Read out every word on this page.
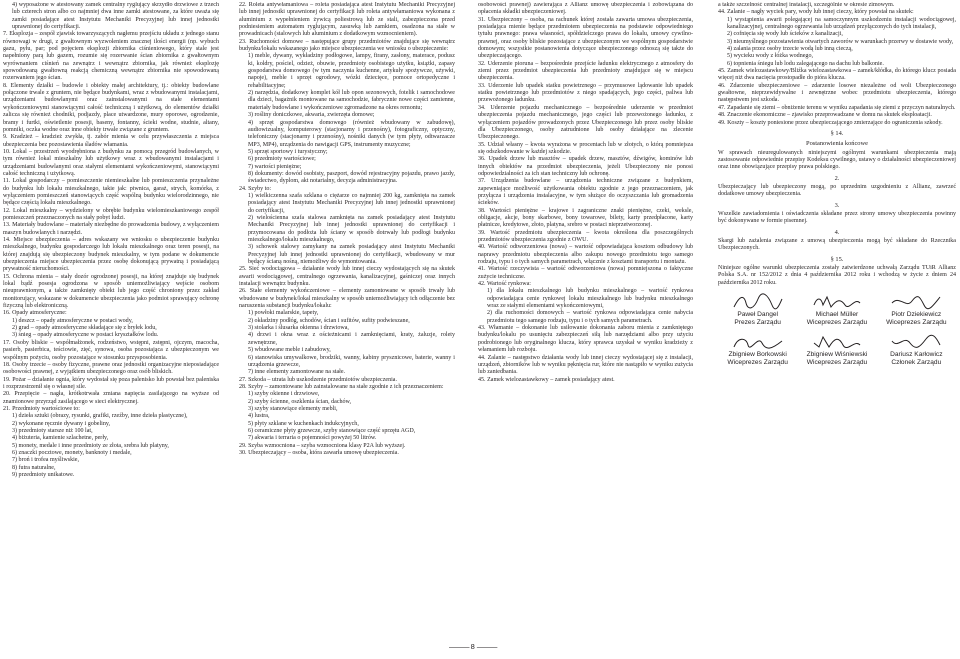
4) wyposażone w atestowany zamek centralny ryglujący skrzydło drzwiowe z trzech lub czterech stron albo co najmniej dwa inne zamki atestowane, za które uważa się zamki posiadające atest Instytutu Mechaniki Precyzyjnej lub innej jednostki uprawnionej do certyfikacji.

7. Eksplozja – zespół zjawisk towarzyszących nagłemu przejściu układu z jednego stanu równowagi w drugi, z gwałtownym wyzwoleniem znacznej ilości energii (np. wybuch gazu, pyłu, par; pod pojęciem eksplozji zbiornika ciśnieniowego, który stale jest napełniony parą lub gazem, rozumie się rozerwanie ścian zbiornika z gwałtownym wyrównaniem ciśnień na zewnątrz i wewnątrz zbiornika, jak również eksplozję spowodowaną gwałtowną reakcją chemiczną wewnątrz zbiornika nie spowodowaną rozerwaniem jego ścian.

8. Elementy działki – budowle i obiekty małej architektury, tj.: obiekty budowlane połączone trwale z gruntem, nie będące budynkami, wraz z wbudowanymi instalacjami, urządzeniami budowlanymi oraz zainstalowanymi na stałe elementami wykończeniowymi stanowiącymi całość techniczną i użytkową, do elementów działki zalicza się również chodniki, podjazdy, place utwardzone, mury oporowe, ogrodzenie, bramy i furtki, oświetlenie posesji, baseny, fontanny, ścieki wodne, studnie, altany, pomniki, oczka wodne oraz inne obiekty trwale związane z gruntem.

9. Kradzież – kradzież zwykła, tj. zabór mienia w celu przywłaszczenia z miejsca ubezpieczenia bez pozostawienia śladów włamania.

10. Lokal – przestrzeń wyodrębniona z budynku za pomocą przegród budowlanych, w tym również lokal mieszkalny lub użytkowy wraz z wbudowanymi instalacjami i urządzeniami budowlanymi oraz stałymi elementami wykończeniowymi, stanowiącymi całość techniczną i użytkową.

11. Lokal gospodarczy – pomieszczenie niemieszkalne lub pomieszczenia przynależne do budynku lub lokalu mieszkalnego, takie jak: piwnica, garaż, strych, komórka, z wyłączeniem pomieszczeń stanowiących część wspólną budynku wielorodzinnego, nie będące częścią lokalu mieszkalnego.

12. Lokal mieszkalny – wydzielony w obrębie budynku wielomieszkaniowego zespół pomieszczeń przeznaczonych na stały pobyt ludzi.

13. Materiały budowlane – materiały niezbędne do prowadzenia budowy, z wyłączeniem maszyn budowlanych i narzędzi.

14. Miejsce ubezpieczenia – adres wskazany we wniosku o ubezpieczenie budynku mieszkalnego, budynku gospodarczego lub lokalu mieszkalnego oraz teren posesji, na której znajdują się ubezpieczony budynek mieszkalny, w tym podane w dokumencie ubezpieczenia miejsce ubezpieczenia przez osobę dokonującą prywatną i posiadającą prywatność nieruchomości.

15. Ochrona mienia – stały dozór ogrodzonej posesji, na której znajduje się budynek lokal bądź posesja ogrodzona w sposób uniemożliwiający wejście osobom nieuprawnionym, a także zamknięty obiekt lub jego część chroniony przez zakład monitorujący, wskazane w dokumencie ubezpieczenia jako podmiot sprawujący ochronę fizyczną lub elektroniczną.

16. Opady atmosferyczne:

1) deszcz – opady atmosferyczne w postaci wody,

2) grad – opady atmosferyczne składające się z bryłek lodu,

3) śnieg – opady atmosferyczne w postaci kryształków lodu.

17. Osoby bliskie – współmałżonek, rodzeństwo, wstępni, zstępni, ojczym, macocha, pasierb, pasierbica, teściowie, zięć, synowa, osoba pozostająca z ubezpieczonym we wspólnym pożyciu, osoby pozostające w stosunku przysposobienia.

18. Osoby trzecie – osoby fizyczne, prawne oraz jednostki organizacyjne nieposiadające osobowości prawnej, z wyjątkiem ubezpieczonego oraz osób bliskich.

19. Pożar – działanie ognia, który wydostał się poza palenisko lub powstał bez paleniska i rozprzestrzenił się o własnej sile.

20. Przepięcie – nagła, krótkotrwała zmiana napięcia zasilającego na wyższe od znamionowe przyrząd zasilającego w sieci elektrycznej.

21. Przedmioty wartościowe to:

1) dzieła sztuki (obrazy, rysunki, grafiki, rzeźby, inne dzieła plastyczne),

2) wykonane ręcznie dywany i gobeliny,

3) przedmioty starsze niż 100 lat,

4) biżuteria, kamienie szlachetne, perły,

5) monety, medale i inne przedmioty ze złota, srebra lub platyny,

6) znaczki pocztowe, monety, banknoty i medale,

7) broń i trofea myśliwskie,

8) futra naturalne,

9) przedmioty unikatowe.

22. Roleta antywłamaniowa – roleta posiadająca atest Instytutu Mechaniki Precyzyjnej lub innej jednostki uprawnionej do certyfikacji lub roleta antywłamaniowa wykonana z aluminium z wypełnieniem żywicą poliestrową lub ze stali, zabezpieczona przed podniesieniem automatem ryglującym, zasuwką lub zamkiem, osadzona na stałe w prowadnicach (stalowych lub aluminium z dodatkowym wzmocnieniem).

23. Ruchomości domowe – następujące grupy przedmiotów znajdujące się wewnątrz budynku/lokalu wskazanego jako miejsce ubezpieczenia we wniosku o ubezpieczenie:

1) meble, dywany, wykładziny podłogowe, lampy, firany, zasłony, materace, podusz ki, koldry, pościel, odzież, obuwie, przedmioty osobistego użytku, książki, zapasy gospodarstwa domowego (w tym naczynia kuchenne, artykuły spożywcze, używki, napoje), meble i sprzęt ogrodowy, wózki dziecięce, pomoce ortopedyczne i rehabilitacyjne;

2) narzędzia, dodatkowy komplet kół lub opon sezonowych, fotelik i samochodowe dla dzieci, bagażnik montowane na samochodzie, fabrycznie nowe części zamienne, materiały budowlane i wykończeniowe zgromadzone na okres remontu;

3) rośliny doniczkowe, akwaria, zwierzęta domowe;

4) sprzęt gospodarstwa domowego (również wbudowany w zabudowę), audiowizualny, komputerowy (stacjonarny i przenośny), fotograficzny, optyczny, telefoniczny (stacjonarny i przenośny), nośniki danych (w tym płyty, odtwarzacze MP3, MP4), urządzenia do nawigacji GPS, instrumenty muzyczne;

5) sprzęt sportowy i turystyczny;

6) przedmioty wartościowe;

7) wartości pieniężne;

8) dokumenty: dowód osobisty, paszport, dowód rejestracyjny pojazdu, prawo jazdy, świadectwo, dyplom, akt notarialny, decyzja administracyjna.

24. Szyby to:

1) wielkiczenna szafa szklana o ciężarze co najmniej 200 kg, zamknięta na zamek posiadający atest Instytutu Mechaniki Precyzyjnej lub innej jednostki uprawnionej do certyfikacji,

2) wielościenna szafa stalowa zamknięta na zamek posiadający atest Instytutu Mechaniki Precyzyjnej lub innej jednostki uprawnionej do certyfikacji i przymocowana do podłoża lub ściany w sposób dotrwały lub podłogi budynku mieszkalnego/lokalu mieszkalnego,

3) schowek stalowy zamykany na zamek posiadający atest Instytutu Mechaniki Precyzyjnej lub innej jednostki uprawnionej do certyfikacji, wbudowany w mur będący ścianą nośną, niemożliwy do wymontowania.

25. Sieć wodociągowa – działanie wody lub innej cieczy wydostających się na skutek awarii wodociągowej, centralnego ogrzewania, kanalizacyjnej, gaśniczej oraz innych instalacji wewnątrz budynku.

26. Stałe elementy wykończeniowe – elementy zamontowane w sposób trwały lub wbudowane w budynek/lokal mieszkalny w sposób uniemożliwiający ich odłączenie bez naruszenia substancji budynku/lokalu:

1) powłoki malarskie, tapety,

2) okładziny podłóg, schodów, ścian i sufitów, sufity podwieszane,

3) stolarka i ślusarka okienna i drzwiowa,

4) drzwi i okna wraz z ościeżnicami i zamknięciami, kraty, żaluzje, rolety zewnętrzne,

5) wbudowane meble i zabudowy,

6) stanowiska umywalkowe, brodziki, wanny, kabiny prysznicowe, baterie, wanny i urządzenia grzewcze,

7) inne elementy zamontowane na stałe.

27. Szkoda – utrata lub uszkodzenie przedmiotów ubezpieczenia.

28. Szyby – zamontowane lub zainstalowane na stałe zgodnie z ich przeznaczeniem:

1) szyby okienne i drzwiowe,

2) szyby ścienne, oszklenia ścian, dachów,

3) szyby stanowiące elementy mebli,

4) lustra,

5) płyty szklane w kuchenkach indukcyjnych,

6) ceramiczne płyty grzewcze, szyby stanowiące część sprzętu AGD,

7) akwaria i terraria o pojemności powyżej 50 litrów.

29. Szyba wzmocniona – szyba wzmocniona klasy P2A lub wyższej.

30. Ubezpieczający – osoba, która zawarła umowę ubezpieczenia.

osobowości prawnej) zawierająca z Allianz umowę ubezpieczenia i zobowiązana do opłacenia składki ubezpieczeniowej.

31. Ubezpieczony – osoba, na rachunek której została zawarta umowa ubezpieczenia, posiadająca mienie będące przedmiotem ubezpieczenia na podstawie odpowiedniego tytułu prawnego: prawa własności, spółdzielczego prawa do lokalu, umowy cywilno-prawnej, oraz osoby bliskie pozostające z ubezpieczonym we wspólnym gospodarstwie domowym; wszystkie postanowienia dotyczące ubezpieczonego odnoszą się także do ubezpieczającego.

32. Uderzenie pioruna – bezpośrednie przejście ładunku elektrycznego z atmosfery do ziemi przez przedmiot ubezpieczenia lub przedmioty znajdujące się w miejscu ubezpieczenia.

33. Uderzenie lub upadek statku powietrznego – przymusowe lądowanie lub upadek statku powietrznego lub przedmiotów z niego spadających, jego części, paliwa lub przewożonego ładunku.

34. Uderzenie pojazdu mechanicznego – bezpośrednie uderzenie w przedmiot ubezpieczenia pojazdu mechanicznego, jego części lub przewożonego ładunku, z wyłączeniem pojazdów prowadzonych przez Ubezpieczonego lub przez osoby bliskie dla Ubezpieczonego, osoby zatrudnione lub osoby działające na zlecenie Ubezpieczonego.

35. Udział własny – kwota wyrażona w procentach lub w złotych, o którą pomniejsza się odszkodowanie w każdej szkodzie.

36. Upadek drzew lub masztów – upadek drzew, masztów, dźwigów, kominów lub innych obiektów na przedmiot ubezpieczenia, jeżeli Ubezpieczony nie ponosi odpowiedzialności za ich stan techniczny lub ochronę.

37. Urządzenia budowlane – urządzenia techniczne związane z budynkiem, zapewniające możliwość użytkowania obiektu zgodnie z jego przeznaczeniem, jak przyłącza i urządzenia instalacyjne, w tym służące do oczyszczania lub gromadzenia ścieków.

38. Wartości pieniężne – krajowe i zagraniczne znaki pieniężne, czeki, weksle, obligacje, akcje, bony skarbowe, bony towarowe, bilety, karty przedpłacone, karty płatnicze, kredytowe, złoto, platyna, srebro w postaci nieprzetworzonej.

39. Wartość przedmiotu ubezpieczenia – kwota określona dla poszczególnych przedmiotów ubezpieczenia zgodnie z OWU.

40. Wartość odtworzeniowa (nowa) – wartość odpowiadająca kosztom odbudowy lub naprawy przedmiotu ubezpieczenia albo zakupu nowego przedmiotu tego samego rodzaju, typu i o tych samych parametrach, włącznie z kosztami transportu i montażu.

41. Wartość rzeczywista – wartość odtworzeniowa (nowa) pomniejszona o faktyczne zużycie techniczne.

42. Wartość rynkowa:

1) dla lokalu mieszkalnego lub budynku mieszkalnego – wartość rynkowa odpowiadająca cenie rynkowej lokalu mieszkalnego lub budynku mieszkalnego wraz ze stałymi elementami wykończeniowymi,

2) dla ruchomości domowych – wartość rynkowa odpowiadająca cenie nabycia przedmiotu tego samego rodzaju, typu i o tych samych parametrach.

43. Włamanie – dokonanie lub usiłowanie dokonania zaboru mienia z zamkniętego budynku/lokalu po usunięciu zabezpieczeń siłą lub narzędziami albo przy użyciu podrobionego lub oryginalnego klucza, który sprawca uzyskał w wyniku kradzieży z włamaniem lub rozboju.

44. Zalanie – następstwo działania wody lub innej cieczy wydostającej się z instalacji, urządzeń, zbiorników lub w wyniku pęknięcia rur, które nie nastąpiło w wyniku zużycia lub zaniedbania.

45. Zamek wielozastawkowy – zamek posiadający atest.

a także szczelność centralnej instalacji, szczególnie w okresie zimowym.

44. Zalanie – nagły wyciek pary, wody lub innej cieczy, który powstał na skutek:

1) wystąpienia awarii polegającej na samoczynnym uszkodzeniu instalacji wodociągowej, kanalizacyjnej, centralnego ogrzewania lub urządzeń przyłączonych do tych instalacji,

2) cofnięcia się wody lub ścieków z kanalizacji,

3) nieumyślnego pozostawienia otwartych zaworów w warunkach przerwy w dostawie wody,

4) zalania przez osoby trzecie wodą lub inną cieczą,

5) wycieku wody z łóżka wodnego,

6) topnienia śniegu lub lodu zalegającego na dachu lub balkonie.

45. Zamek wielozastawkowy/Bliźka wielozastawkowa – zamek/kłódka, do którego klucz posiada więcej niż dwa nacięcia prostopadłe do pióra klucza.

46. Zdarzenie ubezpieczeniowe – zdarzenie losowe niezależne od woli Ubezpieczonego gwałtowne, nieprzewidywalne i zewnętrzne wobec przedmiotu ubezpieczenia, którego następstwem jest szkoda.

47. Zapadanie się ziemi – obniżenie terenu w wyniku zapadania się ziemi z przyczyn naturalnych.

48. Znaczenie ekonomiczne – zjawisko przeprowadzane w domu na skutek eksploatacji.

49. Koszty – koszty poniesione przez ubezpieczającego zmierzające do ograniczenia szkody.

§ 14.
Postanowienia końcowe

W sprawach nieuregulowanych niniejszymi ogólnymi warunkami ubezpieczenia mają zastosowanie odpowiednie przepisy Kodeksu cywilnego, ustawy o działalności ubezpieczeniowej oraz inne obowiązujące przepisy prawa polskiego.

2.

Ubezpieczający lub ubezpieczony mogą, po uprzednim uzgodnieniu z Allianz, zawrzeć dodatkowe umowy ubezpieczenia.

3.

Wszelkie zawiadomienia i oświadczenia składane przez strony umowy ubezpieczenia powinny być dokonywane w formie pisemnej.

4.

Skargi lub zażalenia związane z umową ubezpieczenia mogą być składane do Rzecznika Ubezpieczonych.

§ 15.

Niniejsze ogólne warunki ubezpieczenia zostały zatwierdzone uchwałą Zarządu TUiR Allianz Polska S.A. nr 152/2012 z dnia 4 października 2012 roku i wchodzą w życie z dniem 24 października 2012 roku.

Paweł Dangel
Prezes Zarządu
Michael Müller
Wiceprezes Zarządu
Piotr Dziekiewicz
Wiceprezes Zarządu
Zbigniew Borkowski
Wiceprezes Zarządu
Zbigniew Wiśniewski
Wiceprezes Zarządu
Dariusz Karłowicz
Członek Zarządu
——— 8 ———
